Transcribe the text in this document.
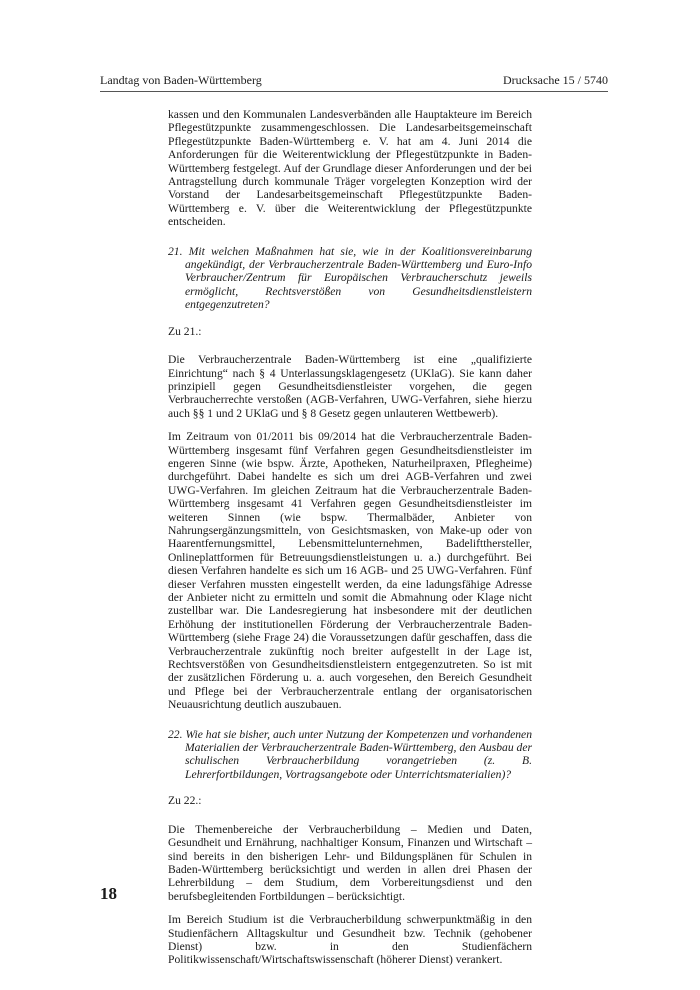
Landtag von Baden-Württemberg	Drucksache 15 / 5740

kassen und den Kommunalen Landesverbänden alle Hauptakteure im Bereich Pflegestützpunkte zusammengeschlossen. Die Landesarbeitsgemeinschaft Pflegestützpunkte Baden-Württemberg e. V. hat am 4. Juni 2014 die Anforderungen für die Weiterentwicklung der Pflegestützpunkte in Baden-Württemberg festgelegt. Auf der Grundlage dieser Anforderungen und der bei Antragstellung durch kommunale Träger vorgelegten Konzeption wird der Vorstand der Landesarbeitsgemeinschaft Pflegestützpunkte Baden-Württemberg e. V. über die Weiterentwicklung der Pflegestützpunkte entscheiden.

21. Mit welchen Maßnahmen hat sie, wie in der Koalitionsvereinbarung angekündigt, der Verbraucherzentrale Baden-Württemberg und Euro-Info Verbraucher/Zentrum für Europäischen Verbraucherschutz jeweils ermöglicht, Rechtsverstößen von Gesundheitsdienstleistern entgegenzutreten?

Zu 21.:

Die Verbraucherzentrale Baden-Württemberg ist eine „qualifizierte Einrichtung“ nach § 4 Unterlassungsklagengesetz (UKlaG). Sie kann daher prinzipiell gegen Gesundheitsdienstleister vorgehen, die gegen Verbraucherrechte verstoßen (AGB-Verfahren, UWG-Verfahren, siehe hierzu auch §§ 1 und 2 UKlaG und § 8 Gesetz gegen unlauteren Wettbewerb).

Im Zeitraum von 01/2011 bis 09/2014 hat die Verbraucherzentrale Baden-Württemberg insgesamt fünf Verfahren gegen Gesundheitsdienstleister im engeren Sinne (wie bspw. Ärzte, Apotheken, Naturheilpraxen, Pflegheime) durchgeführt. Dabei handelte es sich um drei AGB-Verfahren und zwei UWG-Verfahren. Im gleichen Zeitraum hat die Verbraucherzentrale Baden-Württemberg insgesamt 41 Verfahren gegen Gesundheitsdienstleister im weiteren Sinnen (wie bspw. Thermalbäder, Anbieter von Nahrungsergänzungsmitteln, von Gesichtsmasken, von Make-up oder von Haarentfernungsmittel, Lebensmittelunternehmen, Badeliftthersteller, Onlineplattformen für Betreuungsdienstleistungen u. a.) durchgeführt. Bei diesen Verfahren handelte es sich um 16 AGB- und 25 UWG-Verfahren. Fünf dieser Verfahren mussten eingestellt werden, da eine ladungsfähige Adresse der Anbieter nicht zu ermitteln und somit die Abmahnung oder Klage nicht zustellbar war. Die Landesregierung hat insbesondere mit der deutlichen Erhöhung der institutionellen Förderung der Verbraucherzentrale Baden-Württemberg (siehe Frage 24) die Voraussetzungen dafür geschaffen, dass die Verbraucherzentrale zukünftig noch breiter aufgestellt in der Lage ist, Rechtsverstößen von Gesundheitsdienstleistern entgegenzutreten. So ist mit der zusätzlichen Förderung u. a. auch vorgesehen, den Bereich Gesundheit und Pflege bei der Verbraucherzentrale entlang der organisatorischen Neuausrichtung deutlich auszubauen.

22. Wie hat sie bisher, auch unter Nutzung der Kompetenzen und vorhandenen Materialien der Verbraucherzentrale Baden-Württemberg, den Ausbau der schulischen Verbraucherbildung vorangetrieben (z. B. Lehrerfortbildungen, Vortragsangebote oder Unterrichtsmaterialien)?

Zu 22.:

Die Themenbereiche der Verbraucherbildung – Medien und Daten, Gesundheit und Ernährung, nachhaltiger Konsum, Finanzen und Wirtschaft – sind bereits in den bisherigen Lehr- und Bildungsplänen für Schulen in Baden-Württemberg berücksichtigt und werden in allen drei Phasen der Lehrerbildung – dem Studium, dem Vorbereitungsdienst und den berufsbegleitenden Fortbildungen – berücksichtigt.

Im Bereich Studium ist die Verbraucherbildung schwerpunktmäßig in den Studienfächern Alltagskultur und Gesundheit bzw. Technik (gehobener Dienst) bzw. in den Studienfächern Politikwissenschaft/Wirtschaftswissenschaft (höherer Dienst) verankert.

18
